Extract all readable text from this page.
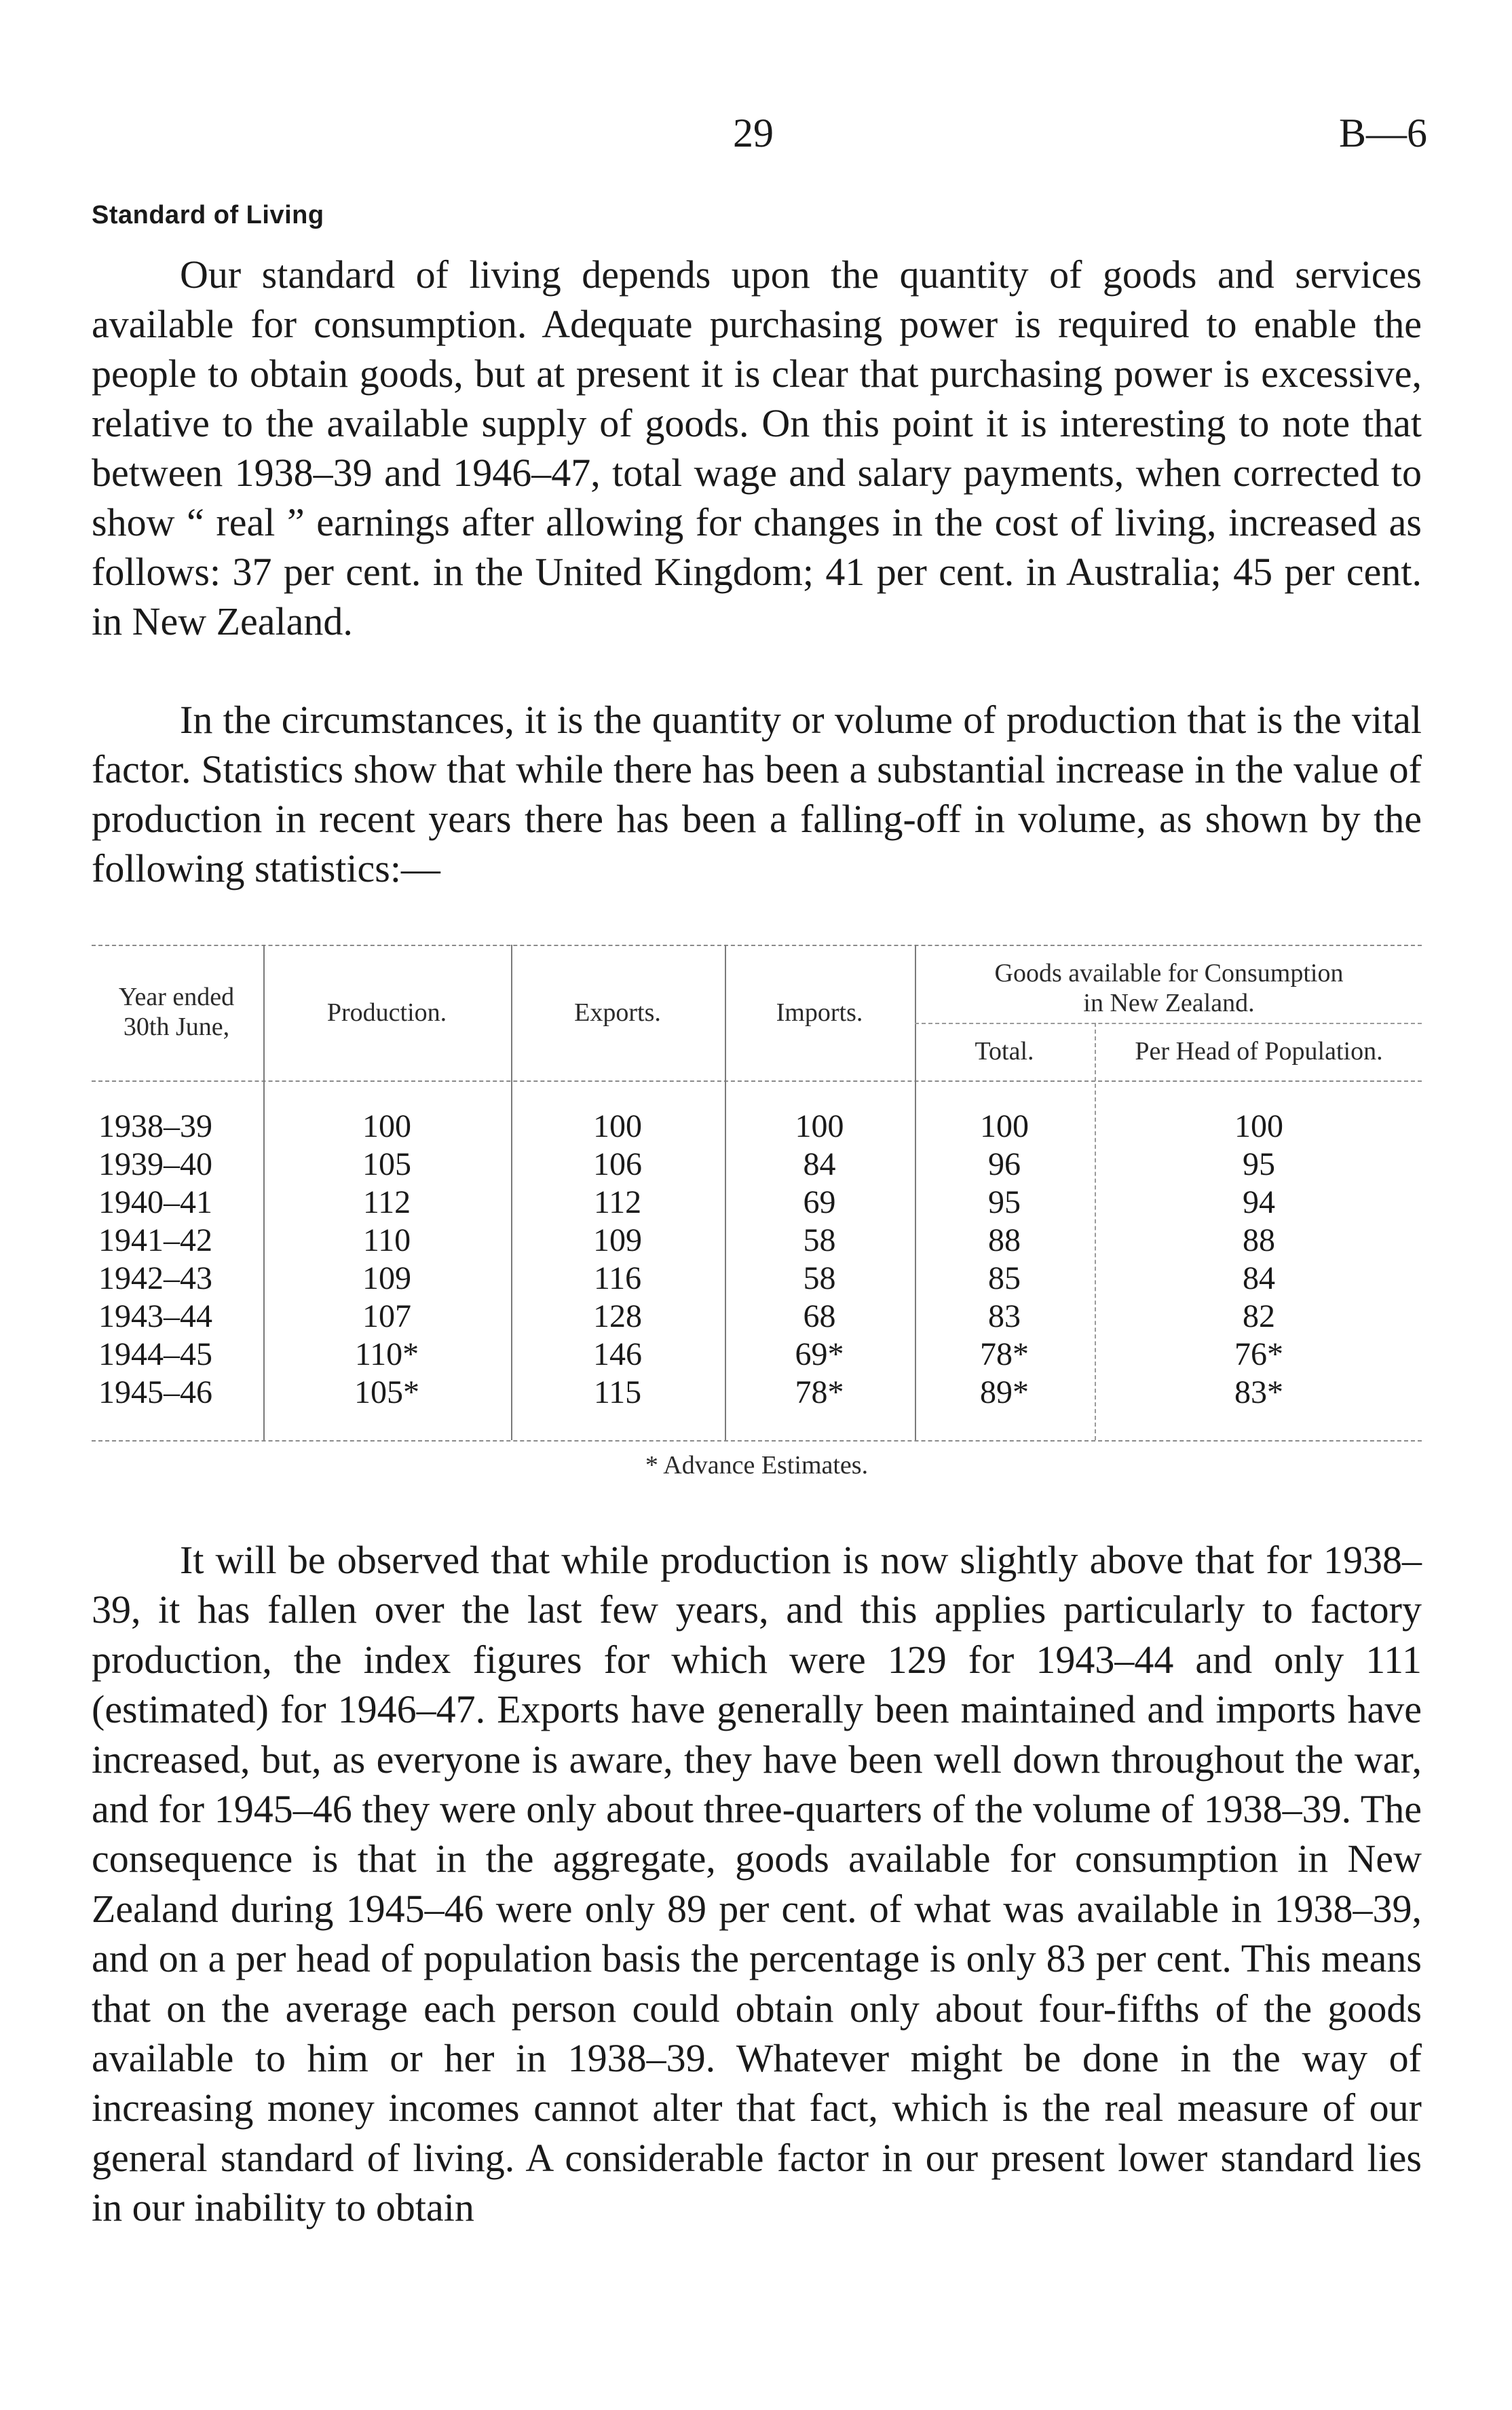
29	B—6
Standard of Living

Our standard of living depends upon the quantity of goods and services available for consumption. Adequate purchasing power is required to enable the people to obtain goods, but at present it is clear that purchasing power is excessive, relative to the available supply of goods. On this point it is interesting to note that between 1938–39 and 1946–47, total wage and salary payments, when corrected to show “ real ” earnings after allowing for changes in the cost of living, increased as follows: 37 per cent. in the United Kingdom; 41 per cent. in Australia; 45 per cent. in New Zealand.

In the circumstances, it is the quantity or volume of production that is the vital factor. Statistics show that while there has been a substantial increase in the value of production in recent years there has been a falling-off in volume, as shown by the following statistics:—

Year ended
30th June,	Production.	Exports.	Imports.
Goods available for Consumption
in New Zealand.
Total.	Per Head of Population.
1938–39	100	100	100	100	100
1939–40	105	106	84	96	95
1940–41	112	112	69	95	94
1941–42	110	109	58	88	88
1942–43	109	116	58	85	84
1943–44	107	128	68	83	82
1944–45	110*	146	69*	78*	76*
1945–46	105*	115	78*	89*	83*
* Advance Estimates.

It will be observed that while production is now slightly above that for 1938–39, it has fallen over the last few years, and this applies particularly to factory production, the index figures for which were 129 for 1943–44 and only 111 (estimated) for 1946–47. Exports have generally been maintained and imports have increased, but, as everyone is aware, they have been well down throughout the war, and for 1945–46 they were only about three-quarters of the volume of 1938–39. The consequence is that in the aggregate, goods available for consumption in New Zealand during 1945–46 were only 89 per cent. of what was available in 1938–39, and on a per head of population basis the percentage is only 83 per cent. This means that on the average each person could obtain only about four-fifths of the goods available to him or her in 1938–39. Whatever might be done in the way of increasing money incomes cannot alter that fact, which is the real measure of our general standard of living. A considerable factor in our present lower standard lies in our inability to obtain
